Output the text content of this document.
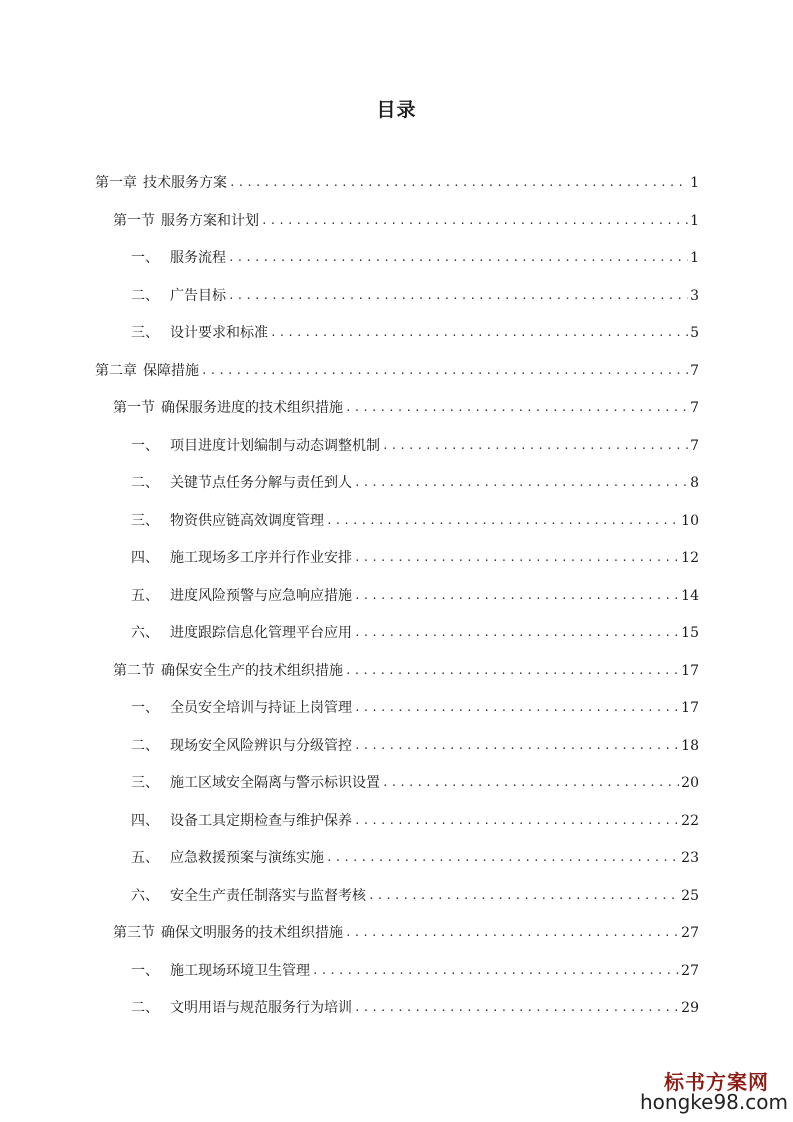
目录
第一章 技术服务方案 .....	1
第一节 服务方案和计划 .....	1
一、 服务流程 .....	1
二、 广告目标 .....	3
三、 设计要求和标准 .....	5
第二章 保障措施 .....	7
第一节 确保服务进度的技术组织措施 .....	7
一、 项目进度计划编制与动态调整机制 .....	7
二、 关键节点任务分解与责任到人 .....	8
三、 物资供应链高效调度管理 .....	10
四、 施工现场多工序并行作业安排 .....	12
五、 进度风险预警与应急响应措施 .....	14
六、 进度跟踪信息化管理平台应用 .....	15
第二节 确保安全生产的技术组织措施 .....	17
一、 全员安全培训与持证上岗管理 .....	17
二、 现场安全风险辨识与分级管控 .....	18
三、 施工区域安全隔离与警示标识设置 .....	20
四、 设备工具定期检查与维护保养 .....	22
五、 应急救援预案与演练实施 .....	23
六、 安全生产责任制落实与监督考核 .....	25
第三节 确保文明服务的技术组织措施 .....	27
一、 施工现场环境卫生管理 .....	27
二、 文明用语与规范服务行为培训 .....	29
标书方案网
hongke98.com
